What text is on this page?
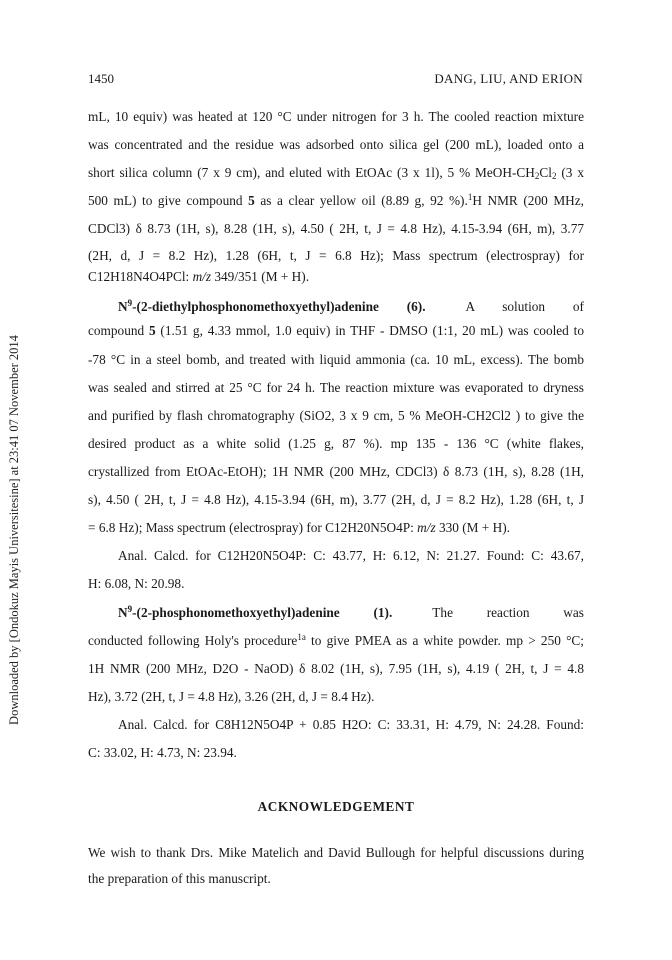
1450	DANG, LIU, AND ERION
Downloaded by [Ondokuz Mayis Universitesine] at 23:41 07 November 2014
mL, 10 equiv) was heated at 120 °C under nitrogen for 3 h. The cooled reaction mixture
was concentrated and the residue was adsorbed onto silica gel (200 mL), loaded onto a
short silica column (7 x 9 cm), and eluted with EtOAc (3 x 1l), 5 % MeOH-$CH_2Cl_2$ (3 x
500 mL) to give compound 5 as a clear yellow oil (8.89 g, 92 %).$^1$H NMR (200 MHz,
CDCl3) δ 8.73 (1H, s), 8.28 (1H, s), 4.50 ( 2H, t, J = 4.8 Hz), 4.15-3.94 (6H, m), 3.77
(2H, d, J = 8.2 Hz), 1.28 (6H, t, J = 6.8 Hz); Mass spectrum (electrospray) for
C12H18N4O4PCl: m/z 349/351 (M + H).
$N^9-(2-diethylphosphonomethoxyethyl)adenine$ (6).	A solution of
compound 5 (1.51 g, 4.33 mmol, 1.0 equiv) in THF - DMSO (1:1, 20 mL) was cooled to
-78 °C in a steel bomb, and treated with liquid ammonia (ca. 10 mL, excess). The bomb
was sealed and stirred at 25 °C for 24 h. The reaction mixture was evaporated to dryness
and purified by flash chromatography (SiO2, 3 x 9 cm, 5 % MeOH-CH2Cl2 ) to give the
desired product as a white solid (1.25 g, 87 %). mp 135 - 136 °C (white flakes,
crystallized from EtOAc-EtOH); 1H NMR (200 MHz, CDCl3) δ 8.73 (1H, s), 8.28 (1H,
s), 4.50 ( 2H, t, J = 4.8 Hz), 4.15-3.94 (6H, m), 3.77 (2H, d, J = 8.2 Hz), 1.28 (6H, t, J
= 6.8 Hz); Mass spectrum (electrospray) for C12H20N5O4P: m/z 330 (M + H).
Anal. Calcd. for C12H20N5O4P: C: 43.77, H: 6.12, N: 21.27. Found: C: 43.67,
H: 6.08, N: 20.98.
$N^9-(2-phosphonomethoxyethyl)adenine$ (1).	The reaction was
conducted following Holy's procedure$^{1a}$ to give PMEA as a white powder. mp > 250 °C;
1H NMR (200 MHz, D2O - NaOD) δ 8.02 (1H, s), 7.95 (1H, s), 4.19 ( 2H, t, J = 4.8
Hz), 3.72 (2H, t, J = 4.8 Hz), 3.26 (2H, d, J = 8.4 Hz).
Anal. Calcd. for C8H12N5O4P + 0.85 H2O: C: 33.31, H: 4.79, N: 24.28. Found:
C: 33.02, H: 4.73, N: 23.94.
ACKNOWLEDGEMENT
We wish to thank Drs. Mike Matelich and David Bullough for helpful discussions during
the preparation of this manuscript.
